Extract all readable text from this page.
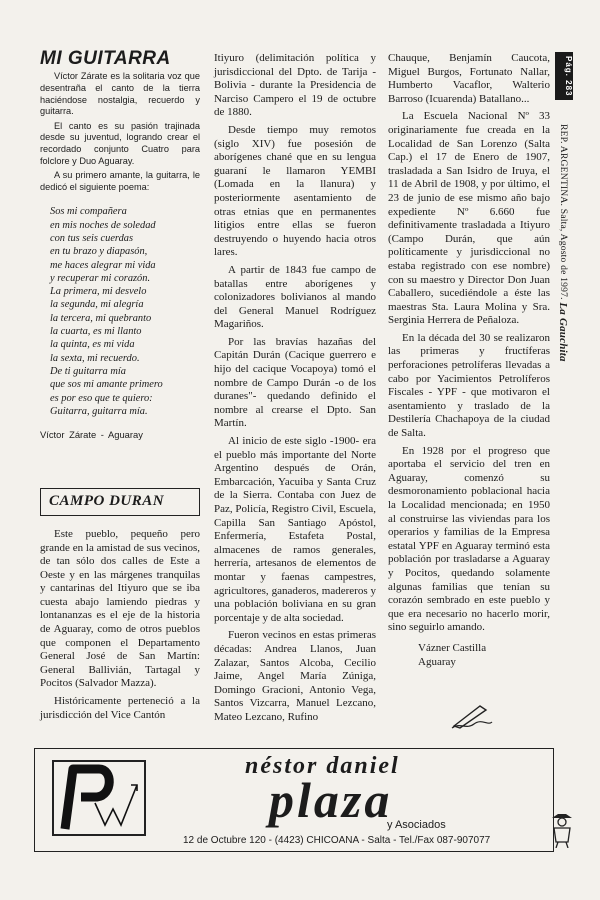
Pág. 283
REP. ARGENTINA. Salta, Agosto de 1997. La Gauchita
MI GUITARRA

Víctor Zárate es la solitaria voz que desentraña el canto de la tierra haciéndose nostalgia, recuerdo y guitarra.

El canto es su pasión trajinada desde su juventud, logrando crear el recordado conjunto Cuatro para folclore y Duo Aguaray.

A su primero amante, la guitarra, le dedicó el siguiente poema:

Sos mi compañera
en mis noches de soledad
con tus seis cuerdas
en tu brazo y diapasón,
me haces alegrar mi vida
y recuperar mi corazón.
La primera, mi desvelo
la segunda, mi alegría
la tercera, mi quebranto
la cuarta, es mi llanto
la quinta, es mi vida
la sexta, mi recuerdo.
De ti guitarra mía
que sos mi amante primero
es por eso que te quiero:
Guitarra, guitarra mía.
Víctor Zárate - Aguaray
CAMPO DURAN

Este pueblo, pequeño pero grande en la amistad de sus vecinos, de tan sólo dos calles de Este a Oeste y en las márgenes tranquilas y cantarinas del Itiyuro que se iba cuesta abajo lamiendo piedras y lontananzas es el eje de la historia de Aguaray, como de otros pueblos que componen el Departamento General José de San Martín: General Ballivián, Tartagal y Pocitos (Salvador Mazza).

Históricamente perteneció a la jurisdicción del Vice Cantón

Itiyuro (delimitación política y jurisdiccional del Dpto. de Tarija - Bolivia - durante la Presidencia de Narciso Campero el 19 de octubre de 1880.

Desde tiempo muy remotos (siglo XIV) fue posesión de aborígenes chané que en su lengua guaraní le llamaron YEMBI (Lomada en la llanura) y posteriormente asentamiento de otras etnias que en permanentes litigios entre ellas se fueron destruyendo o huyendo hacia otros lares.

A partir de 1843 fue campo de batallas entre aborígenes y colonizadores bolivianos al mando del General Manuel Rodríguez Magariños.

Por las bravías hazañas del Capitán Durán (Cacique guerrero e hijo del cacique Vocapoya) tomó el nombre de Campo Durán -o de los duranes"- quedando definido el nombre al crearse el Dpto. San Martín.

Al inicio de este siglo -1900- era el pueblo más importante del Norte Argentino después de Orán, Embarcación, Yacuiba y Santa Cruz de la Sierra. Contaba con Juez de Paz, Policía, Registro Civil, Escuela, Capilla San Santiago Apóstol, Enfermería, Estafeta Postal, almacenes de ramos generales, herrería, artesanos de elementos de montar y faenas campestres, agricultores, ganaderos, madereros y una población boliviana en su gran porcentaje y de alta sociedad.

Fueron vecinos en estas primeras décadas: Andrea Llanos, Juan Zalazar, Santos Alcoba, Cecilio Jaime, Angel María Zúniga, Domingo Gracioni, Antonio Vega, Santos Vizcarra, Manuel Lezcano, Mateo Lezcano, Rufino

Chauque, Benjamín Caucota, Miguel Burgos, Fortunato Nallar, Humberto Vacaflor, Walterio Barroso (Icuarenda) Batallano...

La Escuela Nacional Nº 33 originariamente fue creada en la Localidad de San Lorenzo (Salta Cap.) el 17 de Enero de 1907, trasladada a San Isidro de Iruya, el 11 de Abril de 1908, y por último, el 23 de junio de ese mismo año bajo expediente Nº 6.660 fue definitivamente trasladada a Itiyuro (Campo Durán, que aún políticamente y jurisdiccional no estaba registrado con ese nombre) con su maestro y Director Don Juan Caballero, sucediéndole a éste las maestras Sta. Laura Molina y Sra. Serginia Herrera de Peñaloza.

En la década del 30 se realizaron las primeras y fructíferas perforaciones petrolíferas llevadas a cabo por Yacimientos Petrolíferos Fiscales - YPF - que motivaron el asentamiento y traslado de la Destilería Chachapoya de la ciudad de Salta.

En 1928 por el progreso que aportaba el servicio del tren en Aguaray, comenzó su desmoronamiento poblacional hacia la Localidad mencionada; en 1950 al construirse las viviendas para los operarios y familias de la Empresa estatal YPF en Aguaray terminó esta población por trasladarse a Aguaray y Pocitos, quedando solamente algunas familias que tenían su corazón sembrado en este pueblo y que era necesario no hacerlo morir, sino seguirlo amando.

Vázner Castilla
Aguaray
néstor daniel
plaza
y Asociados
12 de Octubre 120 - (4423) CHICOANA - Salta - Tel./Fax 087-907077
